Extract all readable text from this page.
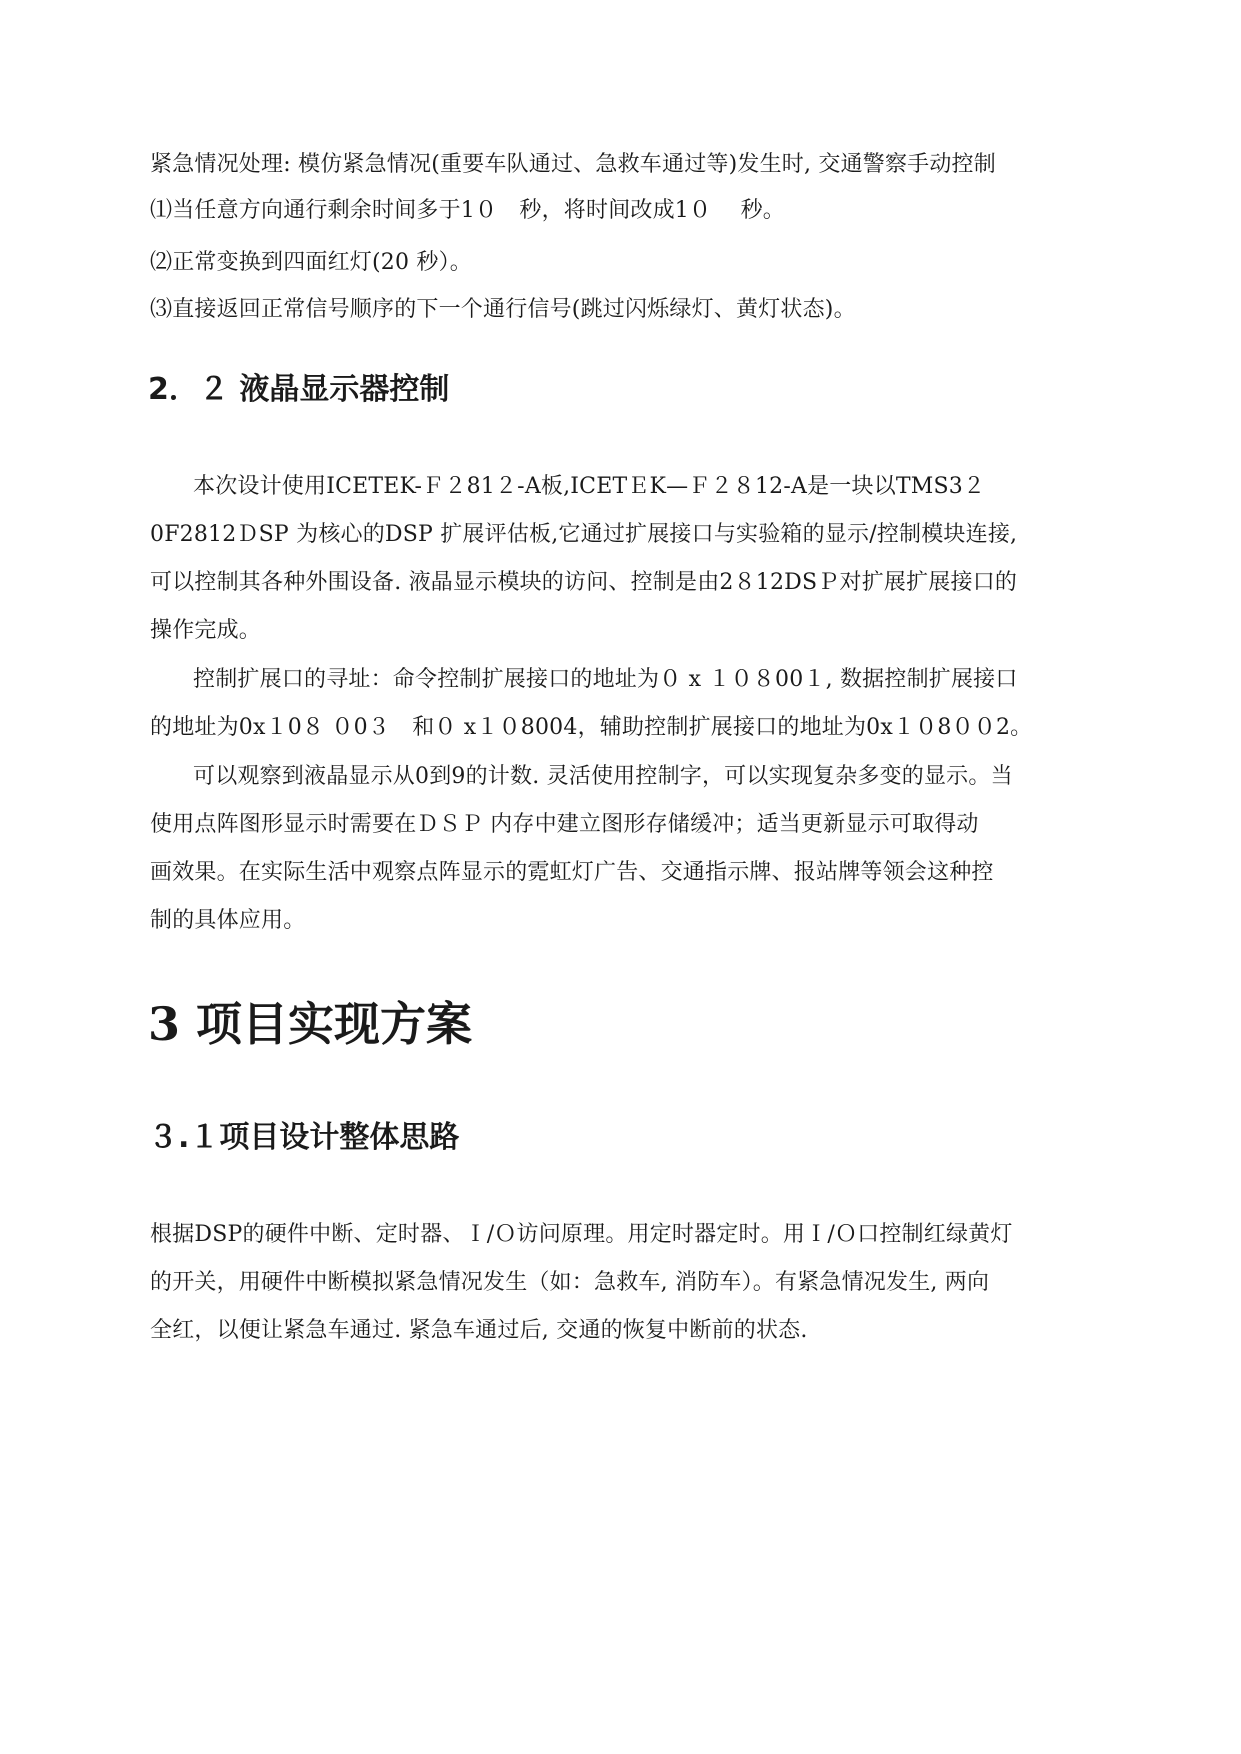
紧急情况处理: 模仿紧急情况(重要车队通过、急救车通过等)发生时, 交通警察手动控制
⑴当任意方向通行剩余时间多于1０　秒，将时间改成1０　 秒。
⑵正常变换到四面红灯(20 秒）。
⑶直接返回正常信号顺序的下一个通行信号(跳过闪烁绿灯、黄灯状态)。
2．２ 液晶显示器控制
本次设计使用ICETEK-Ｆ２81２-A板,ICETＥK—Ｆ２８12-A是一块以TMS3２
0F2812ＤSP 为核心的DSP 扩展评估板,它通过扩展接口与实验箱的显示/控制模块连接,
可以控制其各种外围设备. 液晶显示模块的访问、控制是由2８12DSＰ对扩展扩展接口的
操作完成。
控制扩展口的寻址：命令控制扩展接口的地址为０ x １０８00１, 数据控制扩展接口
的地址为0x１0８ ０0３　和０ x１０8004，辅助控制扩展接口的地址为0x１０8００2。
可以观察到液晶显示从0到9的计数. 灵活使用控制字，可以实现复杂多变的显示。当
使用点阵图形显示时需要在ＤＳＰ 内存中建立图形存储缓冲；适当更新显示可取得动
画效果。在实际生活中观察点阵显示的霓虹灯广告、交通指示牌、报站牌等领会这种控
制的具体应用。
3 项目实现方案
３.１项目设计整体思路
根据DSP的硬件中断、定时器、Ｉ/Ｏ访问原理。用定时器定时。用Ｉ/Ｏ口控制红绿黄灯
的开关，用硬件中断模拟紧急情况发生（如：急救车, 消防车）。有紧急情况发生, 两向
全红，以便让紧急车通过. 紧急车通过后, 交通的恢复中断前的状态.
